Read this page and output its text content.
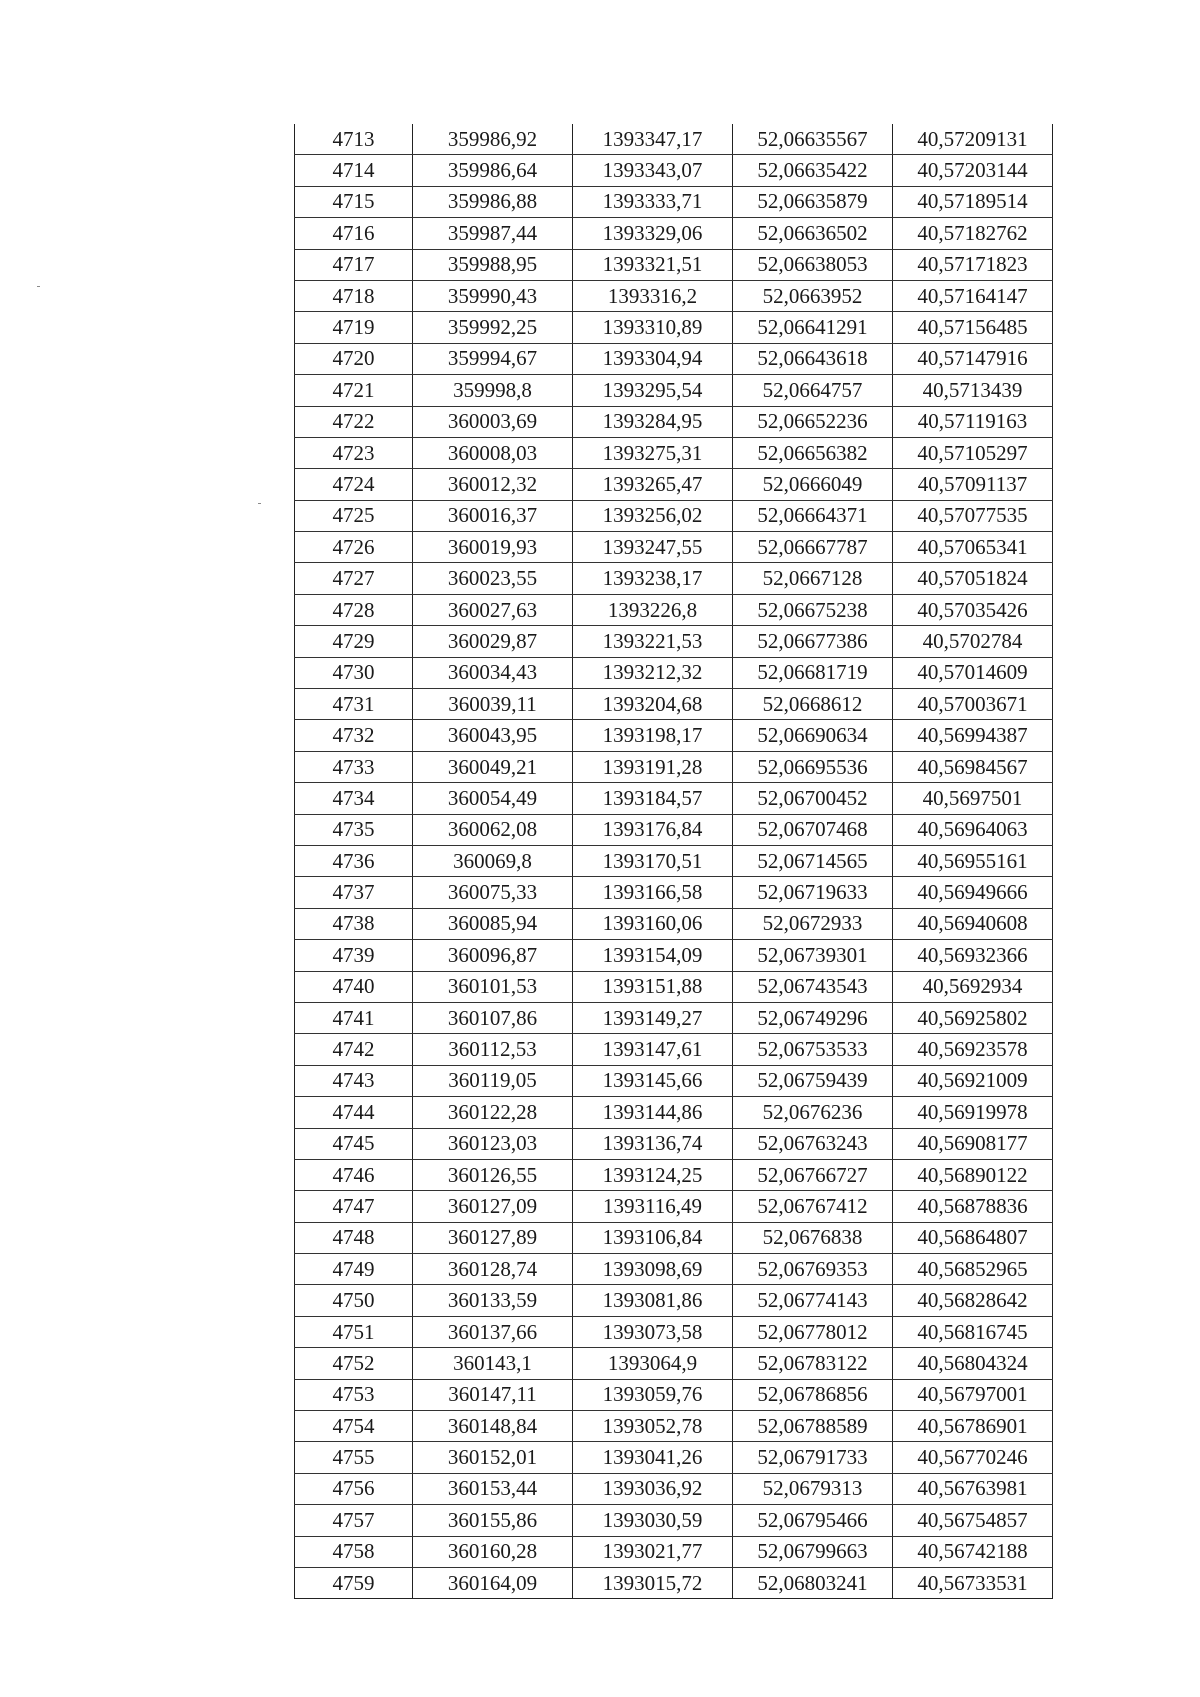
4713	359986,92	1393347,17	52,06635567	40,57209131
4714	359986,64	1393343,07	52,06635422	40,57203144
4715	359986,88	1393333,71	52,06635879	40,57189514
4716	359987,44	1393329,06	52,06636502	40,57182762
4717	359988,95	1393321,51	52,06638053	40,57171823
4718	359990,43	1393316,2	52,0663952	40,57164147
4719	359992,25	1393310,89	52,06641291	40,57156485
4720	359994,67	1393304,94	52,06643618	40,57147916
4721	359998,8	1393295,54	52,0664757	40,5713439
4722	360003,69	1393284,95	52,06652236	40,57119163
4723	360008,03	1393275,31	52,06656382	40,57105297
4724	360012,32	1393265,47	52,0666049	40,57091137
4725	360016,37	1393256,02	52,06664371	40,57077535
4726	360019,93	1393247,55	52,06667787	40,57065341
4727	360023,55	1393238,17	52,0667128	40,57051824
4728	360027,63	1393226,8	52,06675238	40,57035426
4729	360029,87	1393221,53	52,06677386	40,5702784
4730	360034,43	1393212,32	52,06681719	40,57014609
4731	360039,11	1393204,68	52,0668612	40,57003671
4732	360043,95	1393198,17	52,06690634	40,56994387
4733	360049,21	1393191,28	52,06695536	40,56984567
4734	360054,49	1393184,57	52,06700452	40,5697501
4735	360062,08	1393176,84	52,06707468	40,56964063
4736	360069,8	1393170,51	52,06714565	40,56955161
4737	360075,33	1393166,58	52,06719633	40,56949666
4738	360085,94	1393160,06	52,0672933	40,56940608
4739	360096,87	1393154,09	52,06739301	40,56932366
4740	360101,53	1393151,88	52,06743543	40,5692934
4741	360107,86	1393149,27	52,06749296	40,56925802
4742	360112,53	1393147,61	52,06753533	40,56923578
4743	360119,05	1393145,66	52,06759439	40,56921009
4744	360122,28	1393144,86	52,0676236	40,56919978
4745	360123,03	1393136,74	52,06763243	40,56908177
4746	360126,55	1393124,25	52,06766727	40,56890122
4747	360127,09	1393116,49	52,06767412	40,56878836
4748	360127,89	1393106,84	52,0676838	40,56864807
4749	360128,74	1393098,69	52,06769353	40,56852965
4750	360133,59	1393081,86	52,06774143	40,56828642
4751	360137,66	1393073,58	52,06778012	40,56816745
4752	360143,1	1393064,9	52,06783122	40,56804324
4753	360147,11	1393059,76	52,06786856	40,56797001
4754	360148,84	1393052,78	52,06788589	40,56786901
4755	360152,01	1393041,26	52,06791733	40,56770246
4756	360153,44	1393036,92	52,0679313	40,56763981
4757	360155,86	1393030,59	52,06795466	40,56754857
4758	360160,28	1393021,77	52,06799663	40,56742188
4759	360164,09	1393015,72	52,06803241	40,56733531
